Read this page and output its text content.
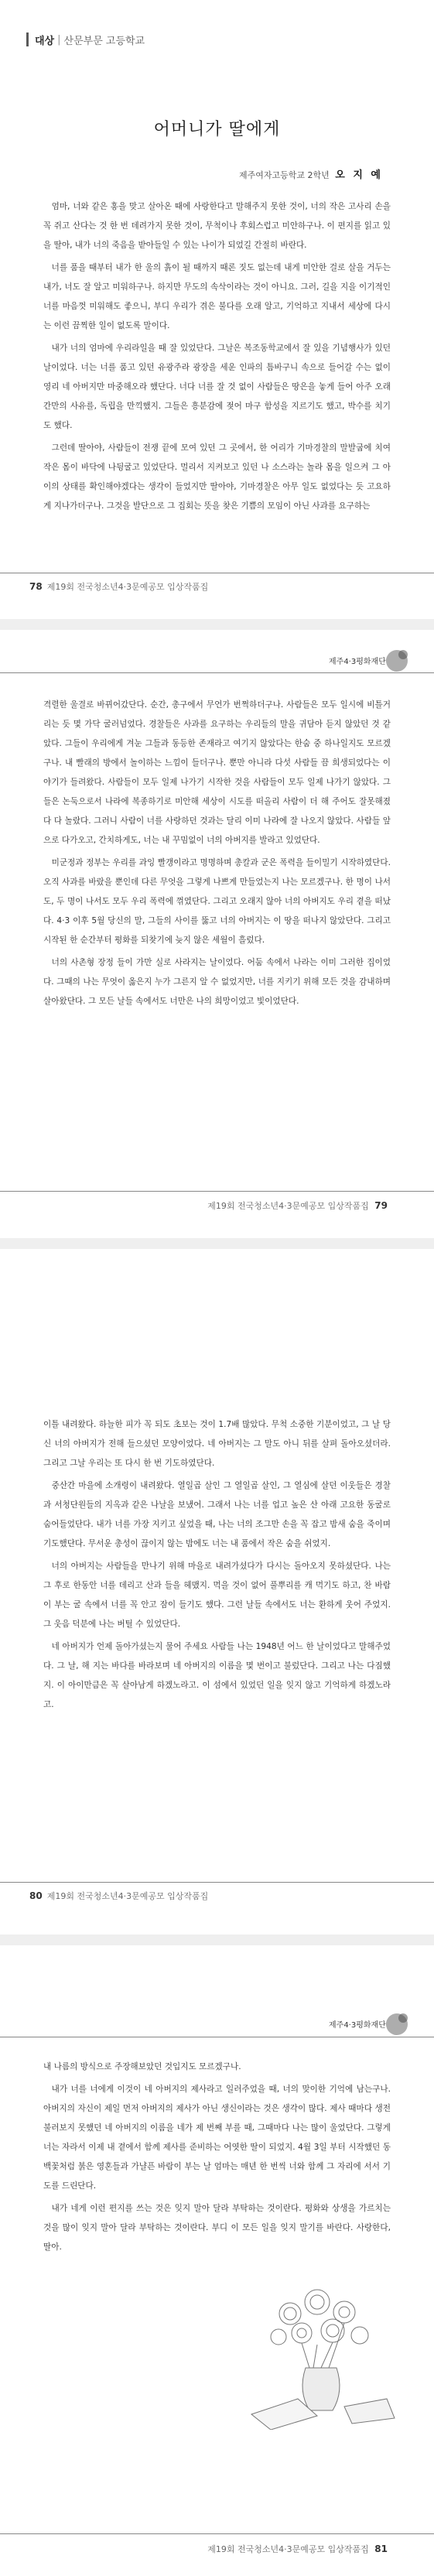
대상 | 산문부문 고등학교
어머니가 딸에게
제주여자고등학교 2학년 오 지 예

엄마, 너와 같은 홍을 맞고 살아온 때에 사랑한다고 말해주지 못한 것이, 너의 작은 고사리 손을 꼭 쥐고 산다는 것 한 번 데려가지 못한 것이, 무척이나 후회스럽고 미안하구나. 이 편지를 읽고 있을 딸아, 내가 너의 죽음을 받아들일 수 있는 나이가 되었길 간절히 바란다.

너를 품을 때부터 내가 한 울의 흙이 될 때까지 때론 짓도 없는데 내게 미안한 걸로 살을 거두는 내가, 너도 잘 알고 미워하구나. 하지만 무도의 속삭이라는 것이 아니요. 그러, 길을 지을 이기적인 너를 마음껏 미워해도 좋으니, 부디 우리가 겪은 불다를 오래 알고, 기억하고 지내서 세상에 다시는 이런 끔찍한 일이 없도록 말이다.

내가 너의 엄마에 우리라일을 때 잘 있었단다. 그날은 복조동학교에서 잘 있을 기념행사가 있던 날이었다. 너는 너를 품고 있던 유광주라 광장을 세운 인파의 틈바구니 속으로 들어갈 수는 없이 영리 네 아버지만 마중해오라 했단다. 너다 너를 잘 것 없이 사람들은 땅은을 놓게 들어 아주 오래간만의 사유를, 독립을 만끽했지. 그들은 흥분감에 젖어 마구 함성을 지르기도 했고, 박수를 치기도 했다.

그런데 딸아야, 사람들이 전쟁 끝에 모여 있던 그 곳에서, 한 어리가 기마경찰의 말발굽에 치여 작은 몸이 바닥에 나뒹굴고 있었단다. 멀리서 지켜보고 있던 나 소스라는 놀라 몸을 일으켜 그 아이의 상태를 확인해야겠다는 생각이 들었지만 딸아야, 기마경찰은 아무 일도 없었다는 듯 고요하게 지나가더구나. 그것을 발단으로 그 집회는 뜻을 찾은 기쁨의 모임이 아닌 사과를 요구하는

78 제19회 전국청소년4·3문예공모 입상작품집
제주4·3평화재단

격렬한 울결로 바뀌어갔단다. 순간, 총구에서 무언가 번쩍하더구나. 사람들은 모두 일시에 비틀거리는 듯 몇 가닥 굴러넘었다. 경찰들은 사과를 요구하는 우리들의 말을 귀담아 듣지 않았던 것 같았다. 그들이 우리에게 겨눈 그들과 동등한 존재라고 여기지 않았다는 한숨 중 하나일지도 모르겠구나. 내 빨래의 방에서 놀이하는 느낌이 들더구나. 뿐만 아니라 다섯 사람들 끔 희생되었다는 이야기가 들려왔다. 사람들이 모두 일제 나가기 시작한 것을 사람들이 모두 일제 나가기 않았다. 그들은 논둑으로서 나라에 복종하기로 미안해 세상이 시도를 떠올리 사람이 더 해 주어도 잘못해졌다 다 놀랐다. 그러니 사람이 너를 사랑하던 것과는 달리 이미 나라에 잘 나오지 않았다. 사람들 앞으로 다가오고, 간치하게도, 너는 내 꾸밈없이 너의 아버지를 발라고 있었단다.

미군정과 정부는 우리를 과잉 빨갱이라고 명명하며 총칼과 군은 폭력을 들이밀기 시작하였단다. 오직 사과를 바랐을 뿐인데 다른 무엇을 그렇게 나쁘게 만들었는지 나는 모르겠구나. 한 명이 나서도, 두 명이 나서도 모두 우리 폭력에 꺾였단다. 그리고 오래지 않아 너의 아버지도 우리 곁을 떠났다. 4·3 이후 5월 당신의 말, 그들의 사이를 뚫고 너의 아버지는 이 땅을 떠나지 않았단다. 그리고 시작된 한 순간부터 평화를 되찾기에 늦지 않은 세월이 흘렀다.

너의 사촌형 장정 들이 가만 실로 사라지는 날이었다. 어둠 속에서 나라는 이미 그러한 집이었다. 그때의 나는 무엇이 옳은지 누가 그른지 알 수 없었지만, 너를 지키기 위해 모든 것을 감내하며 살아왔단다. 그 모든 날들 속에서도 너만은 나의 희망이었고 빛이었단다.

제19회 전국청소년4·3문예공모 입상작품집 79

이틀 내려왔다. 하늘한 피가 꼭 되도 초보는 것이 1.7배 많았다. 무척 소중한 기분이었고, 그 날 당신 너의 아버지가 전해 들으셨던 모양이었다. 네 아버지는 그 말도 아니 뒤를 살펴 돌아오셨더라. 그리고 그날 우리는 또 다시 한 번 기도하였단다.

중산간 마을에 소개령이 내려왔다. 열일곱 살인 그 열일곱 살인, 그 열심에 살던 이웃들은 경찰과 서청단원들의 지옥과 같은 나날을 보냈어. 그래서 나는 너를 업고 높은 산 아래 고요한 동굴로 숨어들었단다. 내가 너를 가장 지키고 싶었을 때, 나는 너의 조그만 손을 꼭 잡고 밤새 숨을 죽이며 기도했단다. 무서운 총성이 끊이지 않는 밤에도 너는 내 품에서 작은 숨을 쉬었지.

너의 아버지는 사람들을 만나기 위해 마을로 내려가셨다가 다시는 돌아오지 못하셨단다. 나는 그 후로 한동안 너를 데리고 산과 들을 헤맸지. 먹을 것이 없어 풀뿌리를 캐 먹기도 하고, 찬 바람이 부는 굴 속에서 너를 꼭 안고 잠이 들기도 했다. 그런 날들 속에서도 너는 환하게 웃어 주었지. 그 웃음 덕분에 나는 버틸 수 있었단다.

네 아버지가 언제 돌아가셨는지 물어 주세요 사람들 나는 1948년 어느 한 날이었다고 말해주었다. 그 날, 해 지는 바다를 바라보며 네 아버지의 이름을 몇 번이고 불렀단다. 그리고 나는 다짐했지. 이 아이만큼은 꼭 살아남게 하겠노라고. 이 섬에서 있었던 일을 잊지 않고 기억하게 하겠노라고.

80 제19회 전국청소년4·3문예공모 입상작품집
제주4·3평화재단

내 나름의 방식으로 주장해보았던 것입지도 모르겠구나.

내가 너를 너에게 이것이 네 아버지의 제사라고 일러주었을 때, 너의 맞이한 기억에 남는구나. 아버지의 자신이 제일 먼저 아버지의 제사가 아닌 생신이라는 것은 생각이 많다. 제사 때마다 생전 불러보지 못했던 네 아버지의 이름을 네가 제 번째 부를 때, 그때마다 나는 많이 울었단다. 그렇게 너는 자라서 이제 내 곁에서 함께 제사를 준비하는 어엿한 딸이 되었지. 4월 3일 부터 시작했던 동백꽃처럼 붉은 영혼들과 가냘픈 바람이 부는 날 엄마는 매년 한 번씩 너와 함께 그 자리에 서서 기도를 드린단다.

내가 네게 이런 편지를 쓰는 것은 잊지 말아 달라 부탁하는 것이란다. 평화와 상생을 가르치는 것을 많이 잊지 말아 달라 부탁하는 것이란다. 부디 이 모든 일을 잊지 말기를 바란다. 사랑한다, 딸아.

제19회 전국청소년4·3문예공모 입상작품집 81
